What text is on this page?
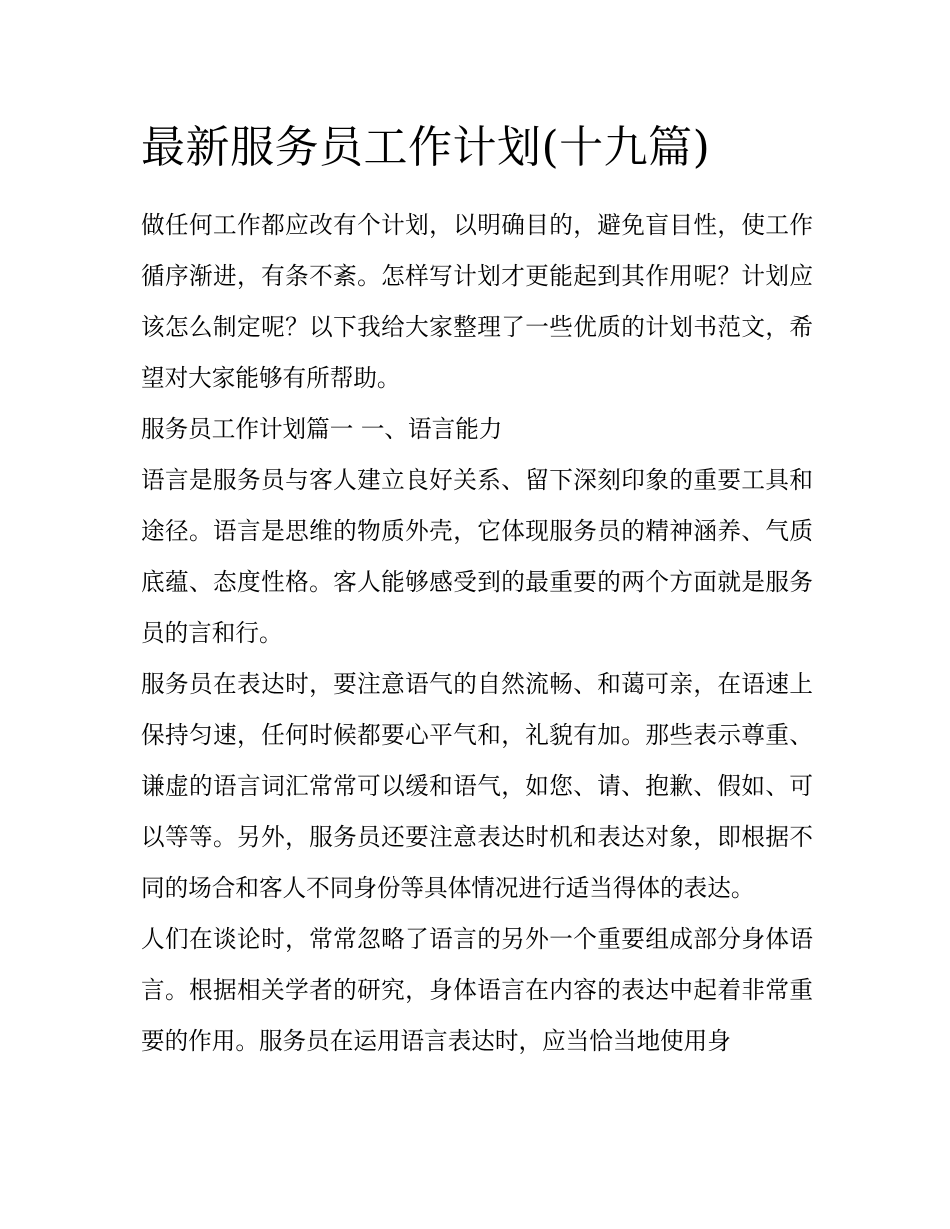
最新服务员工作计划(十九篇)

做任何工作都应改有个计划，以明确目的，避免盲目性，使工作循序渐进，有条不紊。怎样写计划才更能起到其作用呢？计划应该怎么制定呢？以下我给大家整理了一些优质的计划书范文，希望对大家能够有所帮助。

服务员工作计划篇一 一、语言能力

语言是服务员与客人建立良好关系、留下深刻印象的重要工具和途径。语言是思维的物质外壳，它体现服务员的精神涵养、气质底蕴、态度性格。客人能够感受到的最重要的两个方面就是服务员的言和行。

服务员在表达时，要注意语气的自然流畅、和蔼可亲，在语速上保持匀速，任何时候都要心平气和，礼貌有加。那些表示尊重、谦虚的语言词汇常常可以缓和语气，如您、请、抱歉、假如、可以等等。另外，服务员还要注意表达时机和表达对象，即根据不同的场合和客人不同身份等具体情况进行适当得体的表达。

人们在谈论时，常常忽略了语言的另外一个重要组成部分身体语言。根据相关学者的研究，身体语言在内容的表达中起着非常重要的作用。服务员在运用语言表达时，应当恰当地使用身
